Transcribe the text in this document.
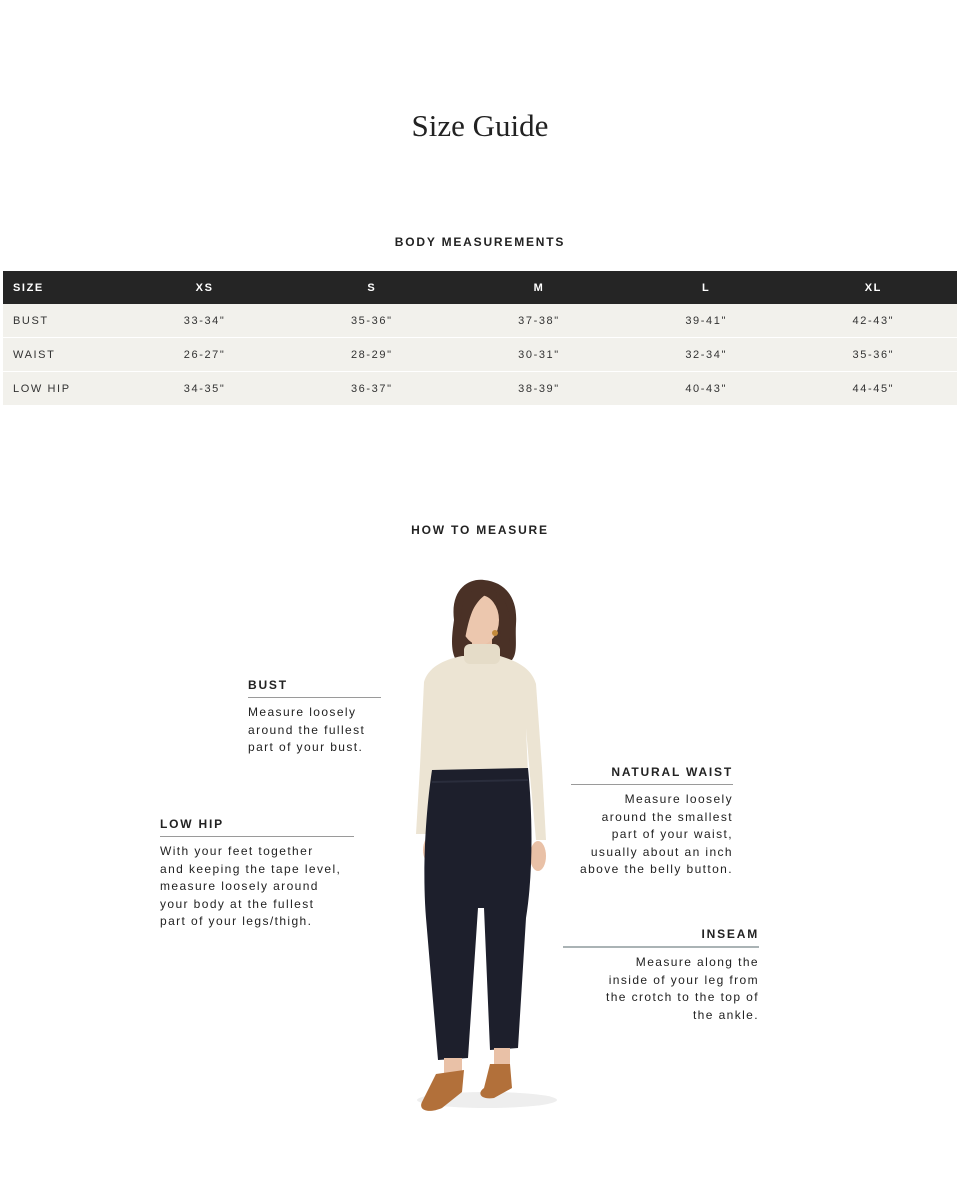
Size Guide
BODY MEASUREMENTS
SIZE	XS	S	M	L	XL
BUST	33-34"	35-36"	37-38"	39-41"	42-43"
WAIST	26-27"	28-29"	30-31"	32-34"	35-36"
LOW HIP	34-35"	36-37"	38-39"	40-43"	44-45"
HOW TO MEASURE
BUST

Measure loosely
around the fullest
part of your bust.

LOW HIP

With your feet together
and keeping the tape level,
measure loosely around
your body at the fullest
part of your legs/thigh.

NATURAL WAIST

Measure loosely
around the smallest
part of your waist,
usually about an inch
above the belly button.

INSEAM

Measure along the
inside of your leg from
the crotch to the top of
the ankle.
